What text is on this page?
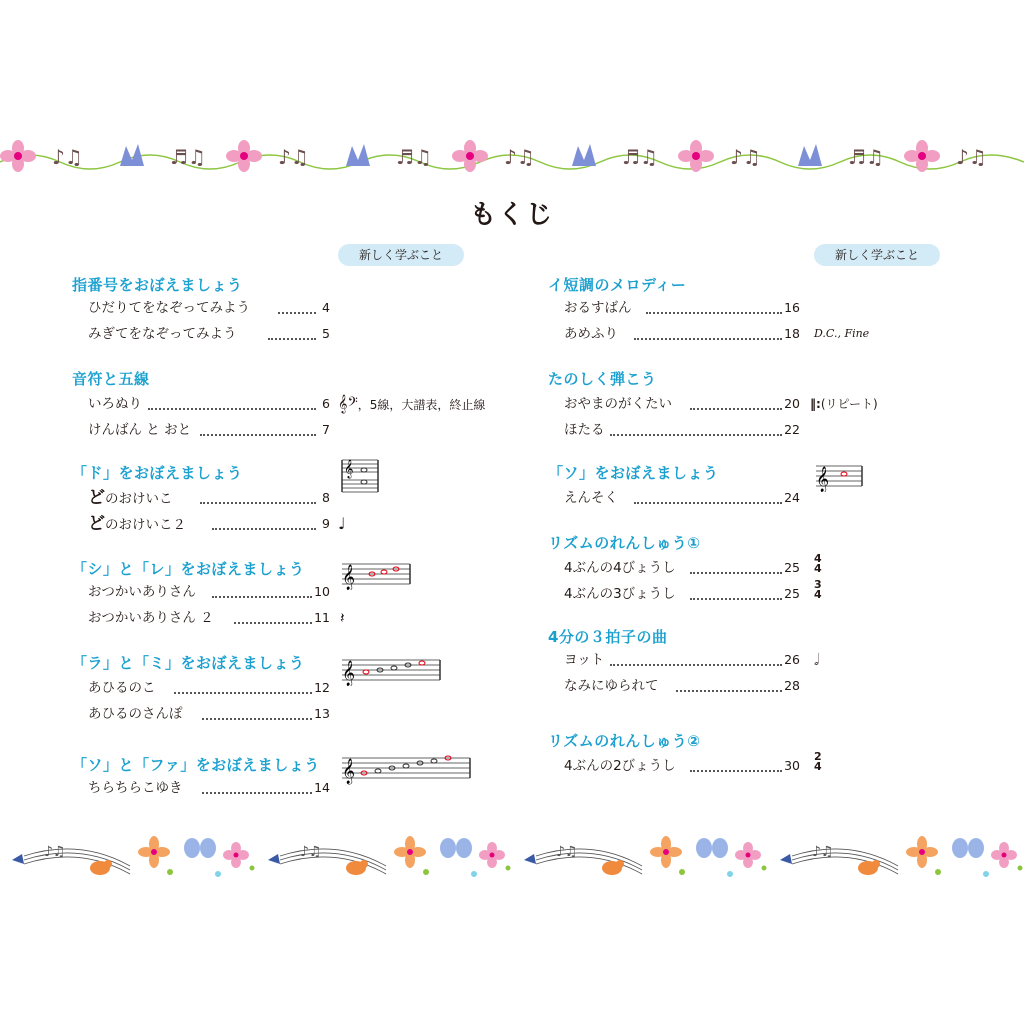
♪♫	♬♫
もくじ
新しく学ぶこと
指番号をおぼえましょう
ひだりてをなぞってみよう	4
みぎてをなぞってみよう	5
音符と五線
いろぬり	6
けんばん と おと	7
𝄞𝄢，5線，大譜表，終止線
「ド」をおぼえましょう
どのおけいこ	8
どのおけいこ２	9
𝄞
♩
「シ」と「レ」をおぼえましょう
おつかいありさん	10
おつかいありさん ２	11
𝄞
𝄽
「ラ」と「ミ」をおぼえましょう
あひるのこ	12
あひるのさんぽ	13
𝄞
「ソ」と「ファ」をおぼえましょう
ちらちらこゆき	14
𝄞
新しく学ぶこと
イ短調のメロディー
おるすばん	16
あめふり	18 D.C., Fine
たのしく弾こう
おやまのがくたい	20
ほたる	22
‖:(リピート)
「ソ」をおぼえましょう
えんそく	24
𝄞
リズムのれんしゅう①
4ぶんの4びょうし	25
4ぶんの3びょうし	25
4
4
3
4
4分の３拍子の曲
ヨット	26
なみにゆられて	28
𝅗𝅥
リズムのれんしゅう②
4ぶんの2びょうし	30
2
4
♪♫
